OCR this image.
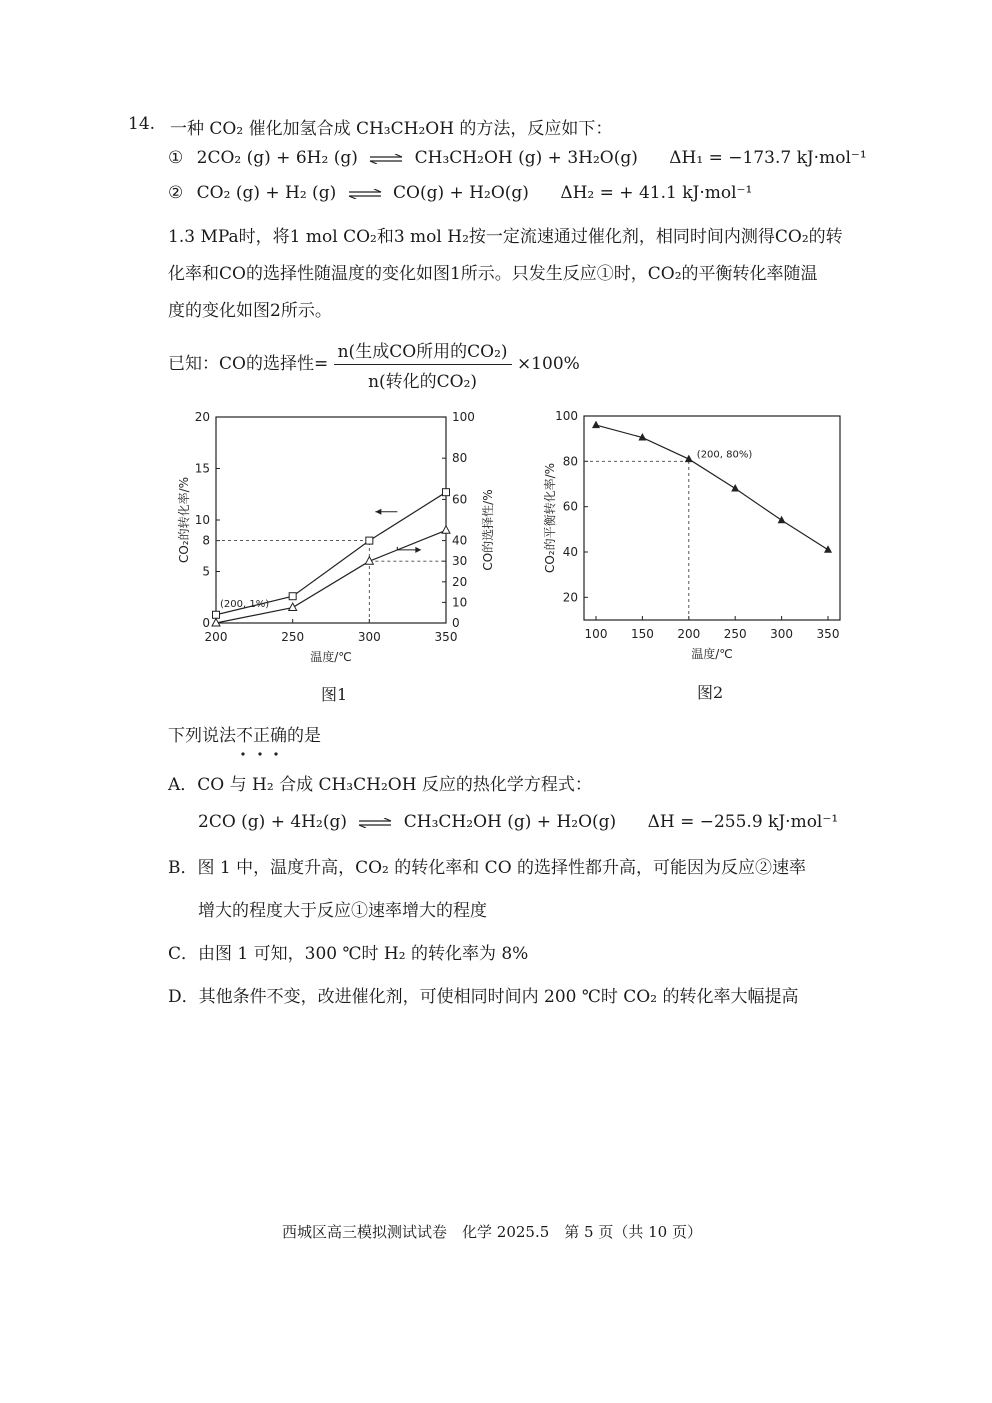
14. 一种 CO₂ 催化加氢合成 CH₃CH₂OH 的方法，反应如下：
① 2CO₂ (g) + 6H₂ (g) ⇌ CH₃CH₂OH (g) + 3H₂O(g) ΔH₁ = −173.7 kJ·mol⁻¹
② CO₂ (g) + H₂ (g) ⇌ CO(g) + H₂O(g) ΔH₂ = + 41.1 kJ·mol⁻¹
1.3 MPa时，将1 mol CO₂和3 mol H₂按一定流速通过催化剂，相同时间内测得CO₂的转
化率和CO的选择性随温度的变化如图1所示。只发生反应①时，CO₂的平衡转化率随温
度的变化如图2所示。
已知：CO的选择性= $\frac{\text{n(生成CO所用的CO₂)}}{\text{n(转化的CO₂)}} \times 100\%$
200	250	300	350
0
5
8
10
15
20
0
10
20
30
40
60
80
100
温度/℃
CO₂的转化率/%	CO的选择性/%
(200, 1%)
图1
100 150 200 250 300 350
20
40
60
80
100
温度/℃
CO₂的平衡转化率/%
(200, 80%)
图2
下列说法不正确的是
A．CO 与 H₂ 合成 CH₃CH₂OH 反应的热化学方程式：
2CO (g) + 4H₂(g) ⇌ CH₃CH₂OH (g) + H₂O(g) ΔH = −255.9 kJ·mol⁻¹
B．图 1 中，温度升高，CO₂ 的转化率和 CO 的选择性都升高，可能因为反应②速率
增大的程度大于反应①速率增大的程度
C．由图 1 可知，300 ℃时 H₂ 的转化率为 8%
D．其他条件不变，改进催化剂，可使相同时间内 200 ℃时 CO₂ 的转化率大幅提高
西城区高三模拟测试试卷　化学 2025.5　第 5 页（共 10 页）
